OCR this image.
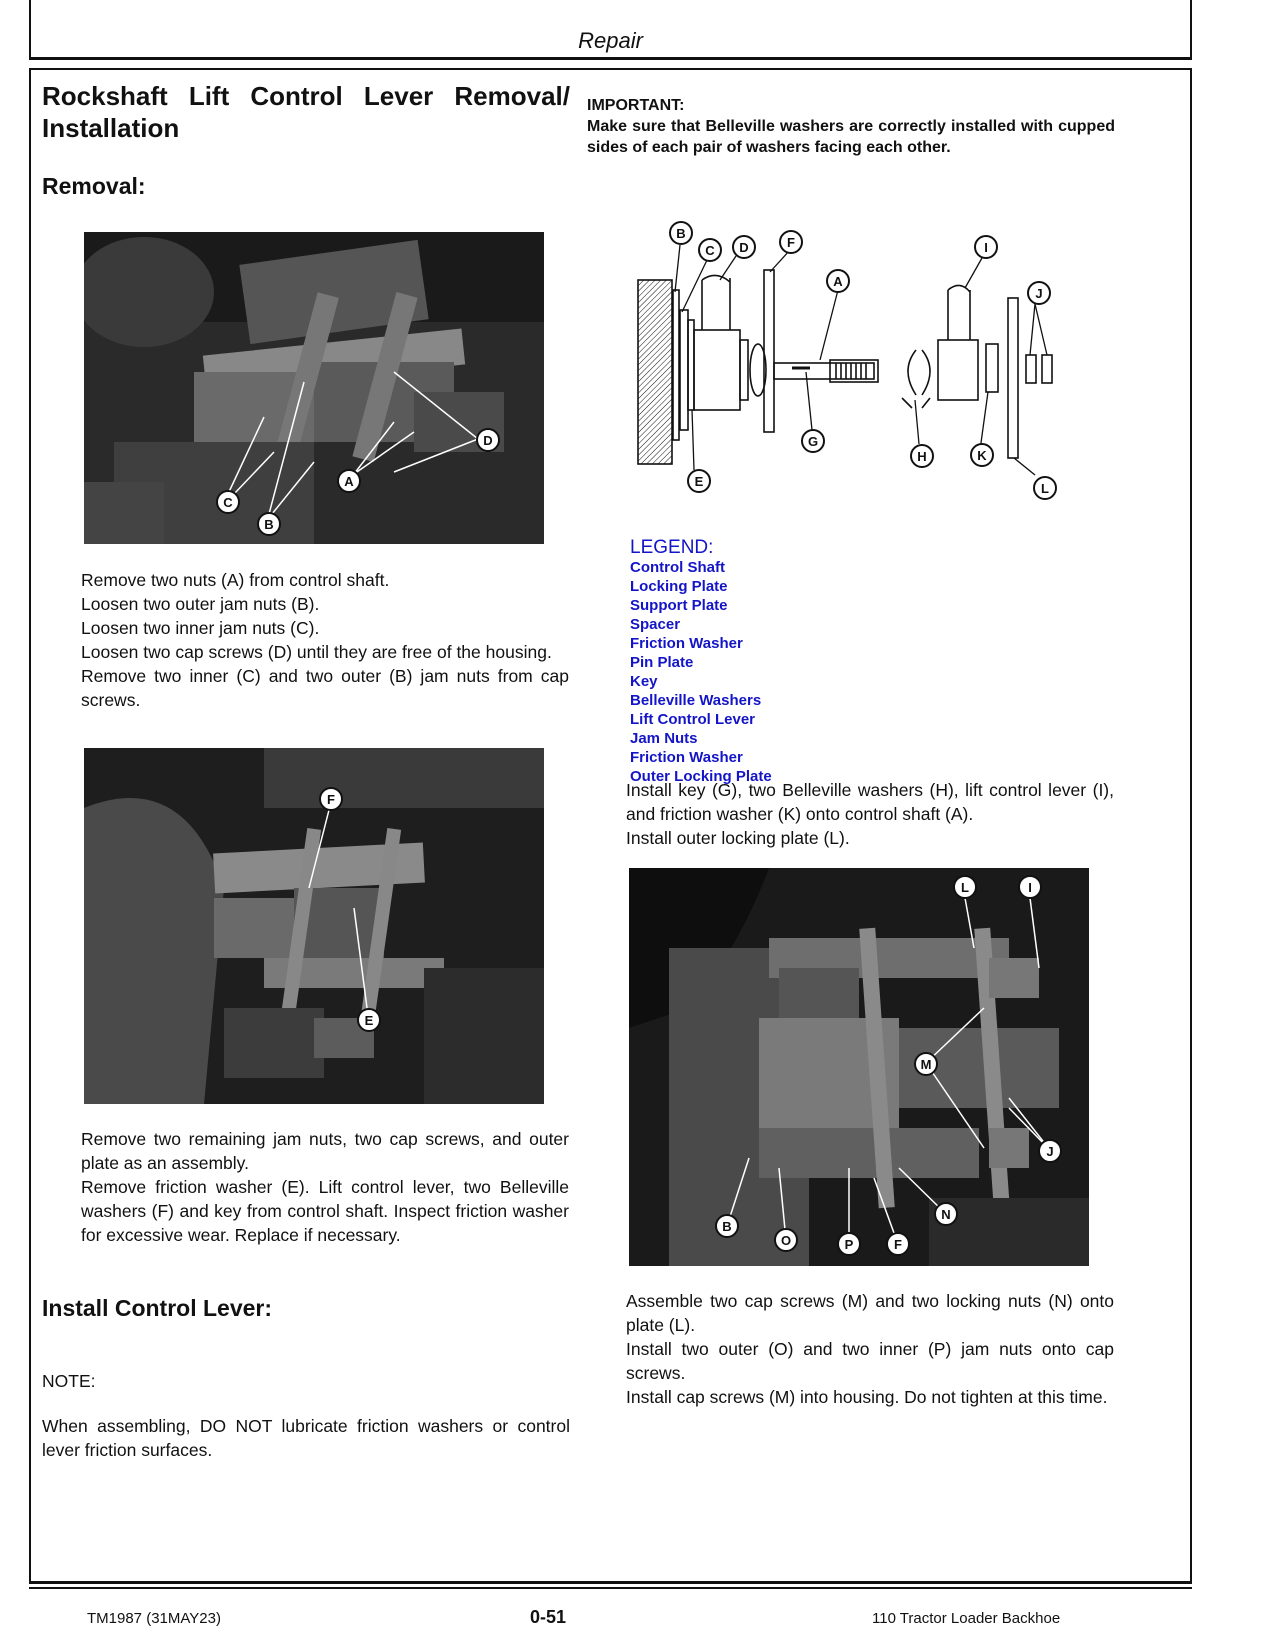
Repair
Rockshaft Lift Control Lever Removal/ Installation
Removal:
C
B
A
D
Remove two nuts (A) from control shaft.
Loosen two outer jam nuts (B).
Loosen two inner jam nuts (C).
Loosen two cap screws (D) until they are free of the housing.
Remove two inner (C) and two outer (B) jam nuts from cap screws.
F
E
Remove two remaining jam nuts, two cap screws, and outer plate as an assembly.
Remove friction washer (E). Lift control lever, two Belleville washers (F) and key from control shaft. Inspect friction washer for excessive wear. Replace if necessary.
Install Control Lever:
NOTE:
When assembling, DO NOT lubricate friction washers or control lever friction surfaces.
IMPORTANT:
Make sure that Belleville washers are correctly installed with cupped sides of each pair of washers facing each other.
A
B
C	D
E
F
G
H
I
J
K
L
LEGEND:
Control Shaft
Locking Plate
Support Plate
Spacer
Friction Washer
Pin Plate
Key
Belleville Washers
Lift Control Lever
Jam Nuts
Friction Washer
Outer Locking Plate
Install key (G), two Belleville washers (H), lift control lever (I), and friction washer (K) onto control shaft (A).
Install outer locking plate (L).
L	I
M
J
N
B
O	P	F
Assemble two cap screws (M) and two locking nuts (N) onto plate (L).
Install two outer (O) and two inner (P) jam nuts onto cap screws.
Install cap screws (M) into housing. Do not tighten at this time.
TM1987 (31MAY23)	0-51	110 Tractor Loader Backhoe
